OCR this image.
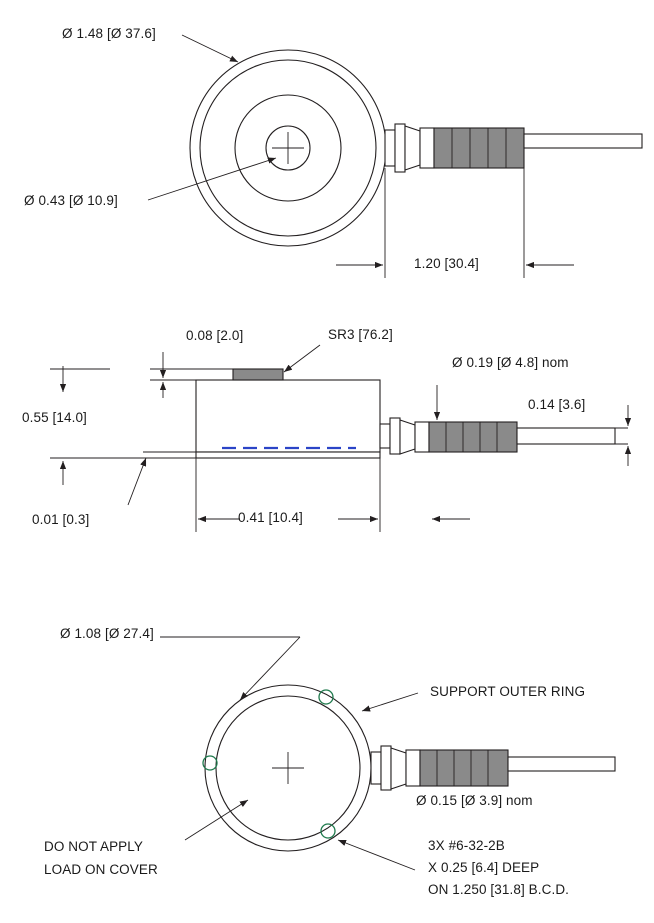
Ø 1.48 [Ø 37.6]
Ø 0.43 [Ø 10.9]
1.20 [30.4]
0.08 [2.0]	SR3 [76.2]
Ø 0.19 [Ø 4.8] nom
0.14 [3.6]
0.55 [14.0]
0.01 [0.3]	0.41 [10.4]
Ø 1.08 [Ø 27.4]
SUPPORT OUTER RING
Ø 0.15 [Ø 3.9] nom
DO NOT APPLY
LOAD ON COVER
3X #6-32-2B
X 0.25 [6.4] DEEP
ON 1.250 [31.8] B.C.D.
